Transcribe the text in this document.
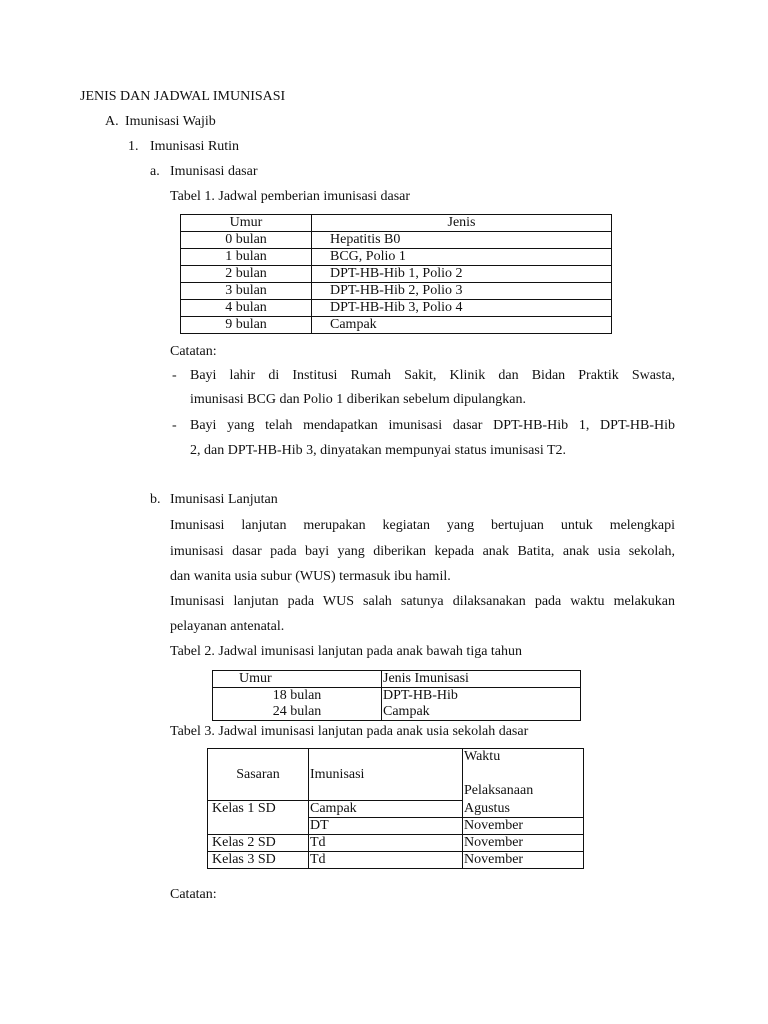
JENIS DAN JADWAL IMUNISASI
A. Imunisasi Wajib
1. Imunisasi Rutin
a. Imunisasi dasar
Tabel 1. Jadwal pemberian imunisasi dasar
Umur	Jenis
0 bulan	Hepatitis B0
1 bulan	BCG, Polio 1
2 bulan	DPT-HB-Hib 1, Polio 2
3 bulan	DPT-HB-Hib 2, Polio 3
4 bulan	DPT-HB-Hib 3, Polio 4
9 bulan	Campak
Catatan:
- Bayi lahir di Institusi Rumah Sakit, Klinik dan Bidan Praktik Swasta,
imunisasi BCG dan Polio 1 diberikan sebelum dipulangkan.
- Bayi yang telah mendapatkan imunisasi dasar DPT-HB-Hib 1, DPT-HB-Hib
2, dan DPT-HB-Hib 3, dinyatakan mempunyai status imunisasi T2.
b. Imunisasi Lanjutan
Imunisasi lanjutan merupakan kegiatan yang bertujuan untuk melengkapi
imunisasi dasar pada bayi yang diberikan kepada anak Batita, anak usia sekolah,
dan wanita usia subur (WUS) termasuk ibu hamil.
Imunisasi lanjutan pada WUS salah satunya dilaksanakan pada waktu melakukan
pelayanan antenatal.
Tabel 2. Jadwal imunisasi lanjutan pada anak bawah tiga tahun
Umur	Jenis Imunisasi
18 bulan	DPT-HB-Hib
24 bulan	Campak
Tabel 3. Jadwal imunisasi lanjutan pada anak usia sekolah dasar
Sasaran	Imunisasi	Waktu
Pelaksanaan

Kelas 1 SD	Campak	Agustus
	DT	November
Kelas 2 SD	Td	November
Kelas 3 SD	Td	November
Catatan:
